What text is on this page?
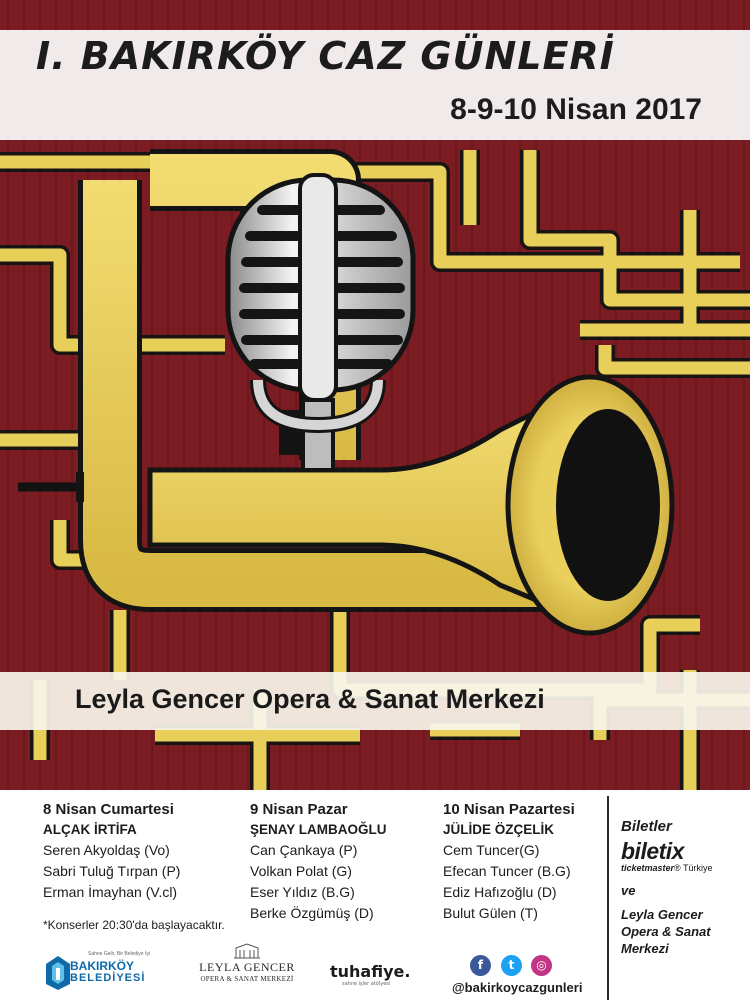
I. BAKIRKÖY CAZ GÜNLERİ
8-9-10 Nisan 2017
Leyla Gencer Opera & Sanat Merkezi
8 Nisan Cumartesi
ALÇAK İRTİFA
Seren Akyoldaş (Vo)
Sabri Tuluğ Tırpan (P)
Erman İmayhan (V.cl)
9 Nisan Pazar
ŞENAY LAMBAOĞLU
Can Çankaya (P)
Volkan Polat (G)
Eser Yıldız (B.G)
Berke Özgümüş (D)
10 Nisan Pazartesi
JÜLİDE ÖZÇELİK
Cem Tuncer(G)
Efecan Tuncer (B.G)
Ediz Hafızoğlu (D)
Bulut Gülen (T)
*Konserler 20:30'da başlayacaktır.
Biletler
biletix
ticketmaster® Türkiye
ve
Leyla Gencer
Opera & Sanat
Merkezi
Sahne Gelir, Bir Belediye İşi
BAKIRKÖY
BELEDİYESİ
LEYLA GENCER
OPERA & SANAT MERKEZİ tuhafiye.
sahne işler atölyesi
f	t	◎
@bakirkoycazgunleri
